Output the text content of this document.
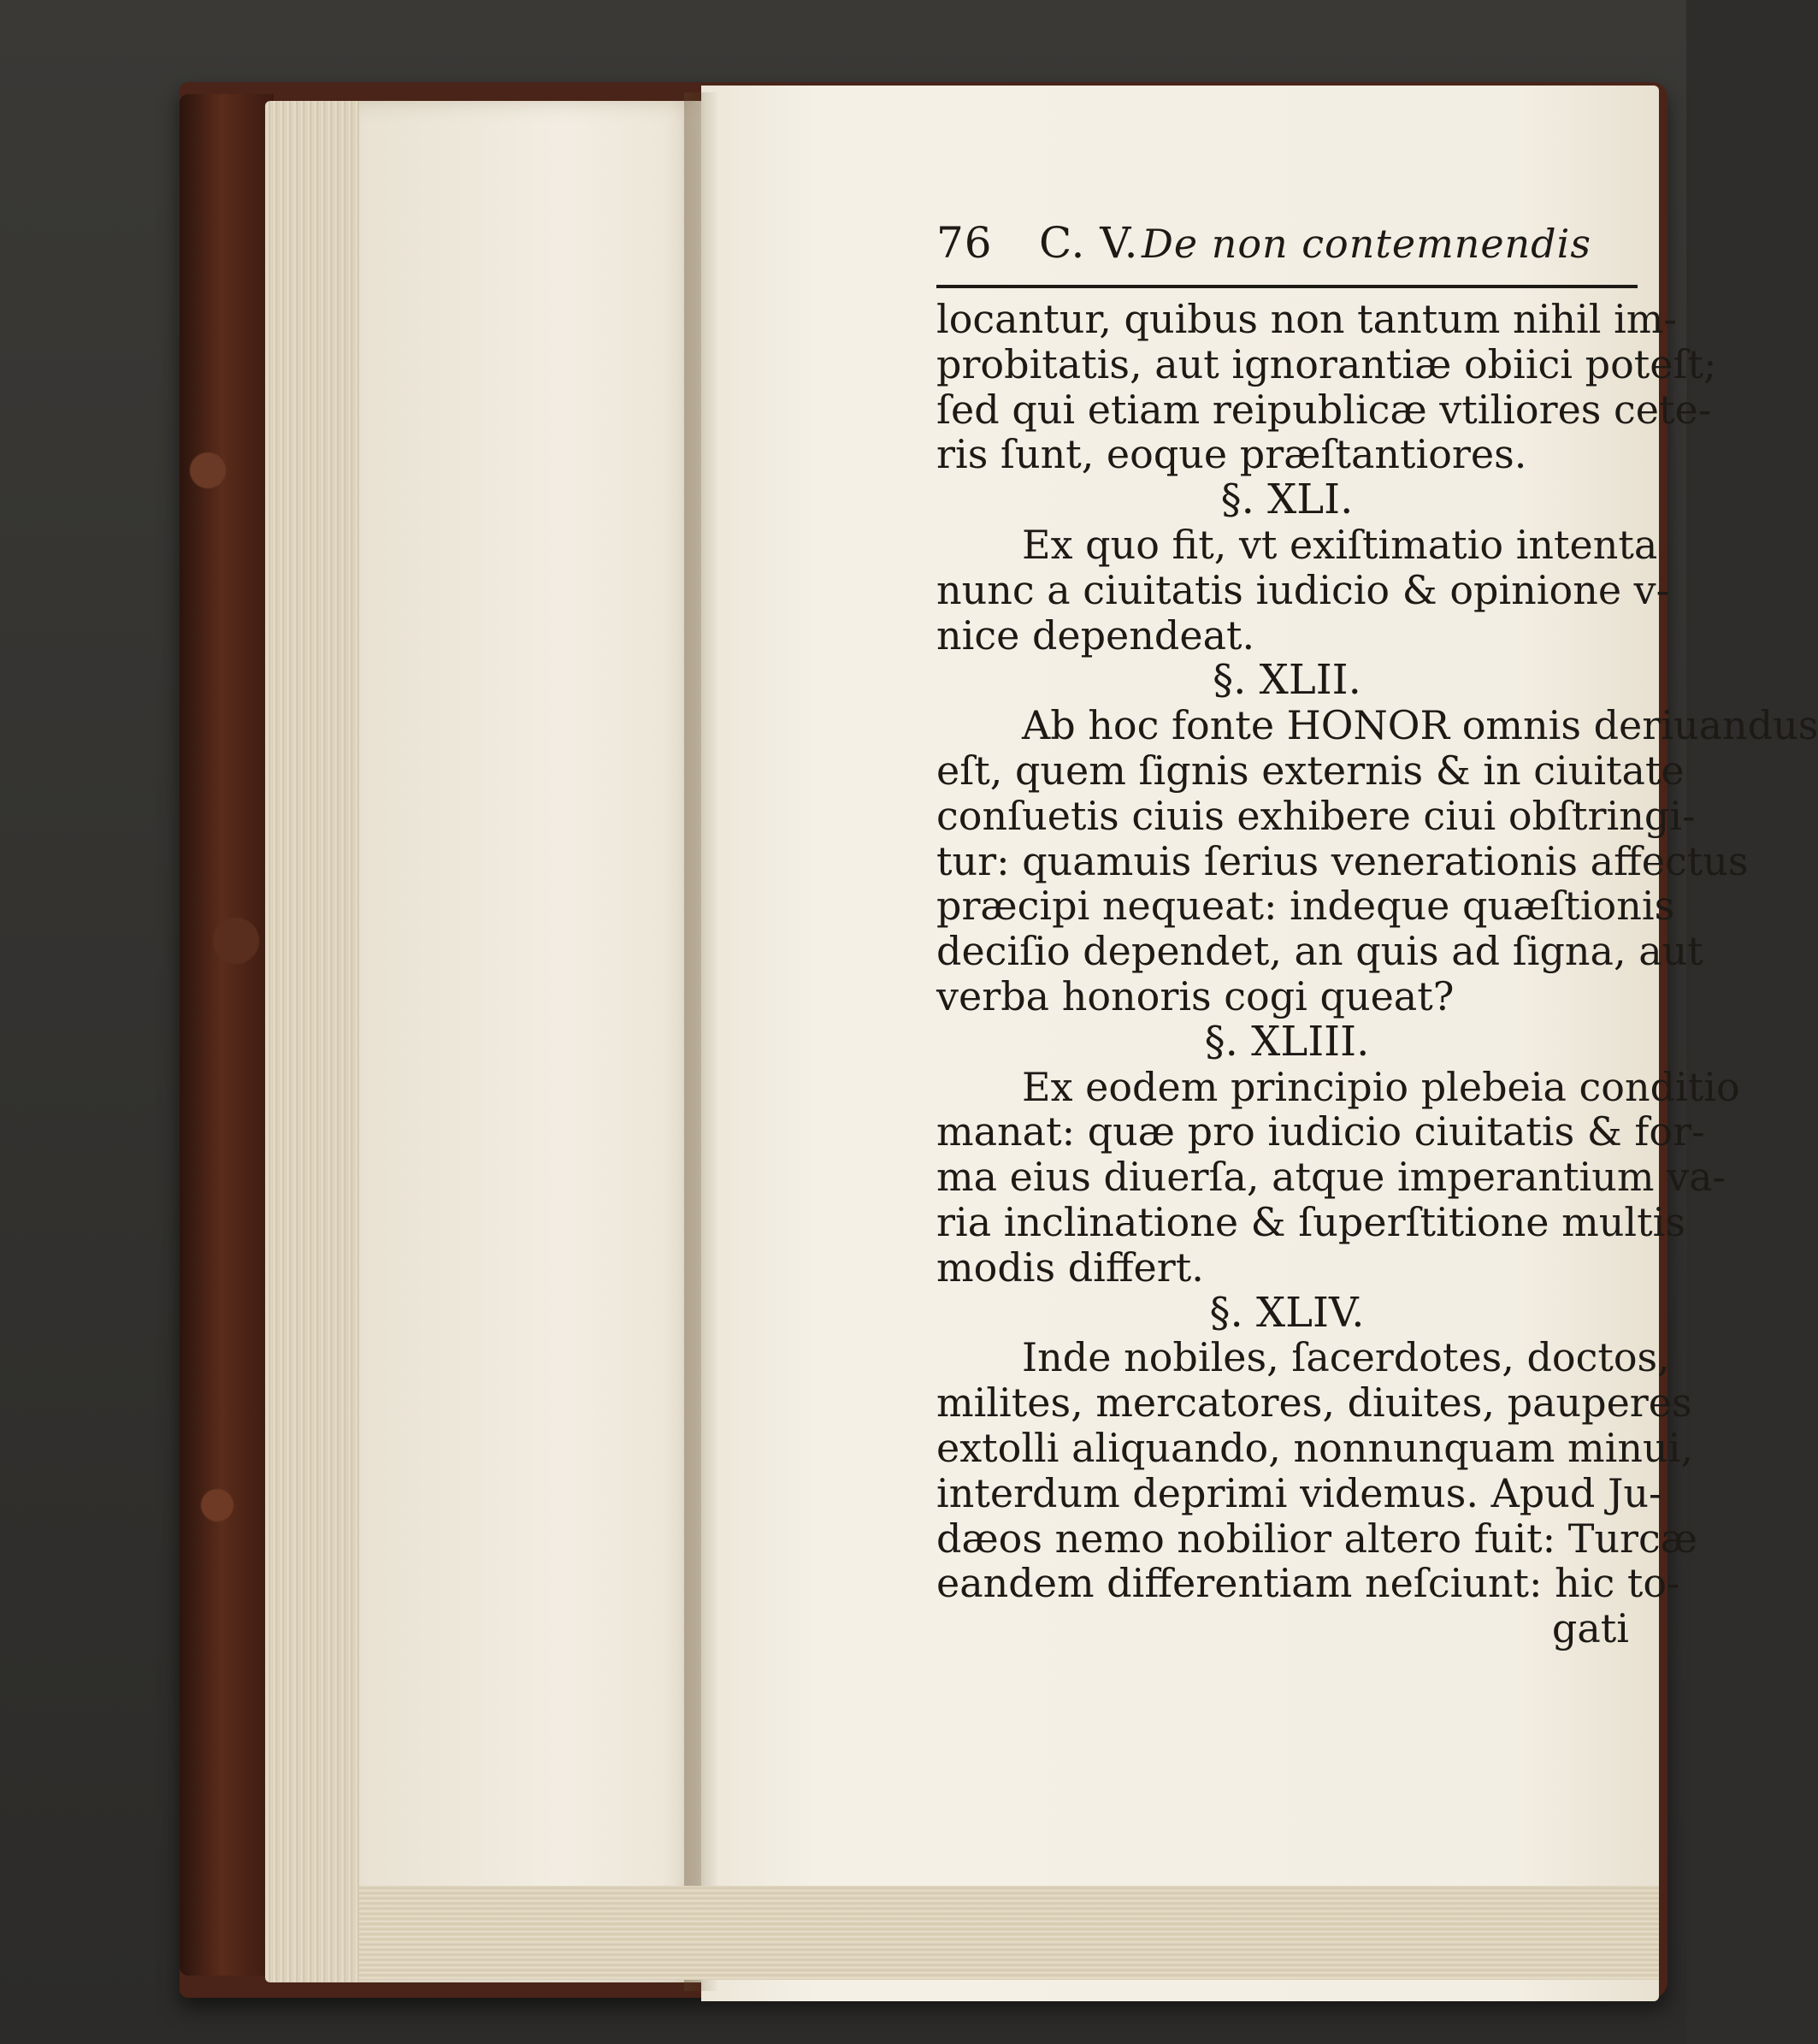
76	C. V. De non contemnendis
locantur, quibus non tantum nihil im-
probitatis, aut ignorantiæ obiici poteſt;
ſed qui etiam reipublicæ vtiliores cete-
ris ſunt, eoque præſtantiores.
§. XLI.
Ex quo fit, vt exiſtimatio intenta
nunc a ciuitatis iudicio & opinione v-
nice dependeat.
§. XLII.
Ab hoc fonte HONOR omnis deriuandus
eſt, quem ſignis externis & in ciuitate
conſuetis ciuis exhibere ciui obſtringi-
tur: quamuis ſerius venerationis affectus
præcipi nequeat: indeque quæſtionis
deciſio dependet, an quis ad ſigna, aut
verba honoris cogi queat?
§. XLIII.
Ex eodem principio plebeia conditio
manat: quæ pro iudicio ciuitatis & for-
ma eius diuerſa, atque imperantium va-
ria inclinatione & ſuperſtitione multis
modis differt.
§. XLIV.
Inde nobiles, ſacerdotes, doctos,
milites, mercatores, diuites, pauperes
extolli aliquando, nonnunquam minui,
interdum deprimi videmus. Apud Ju-
dæos nemo nobilior altero fuit: Turcæ
eandem differentiam neſciunt: hic to-
gati
